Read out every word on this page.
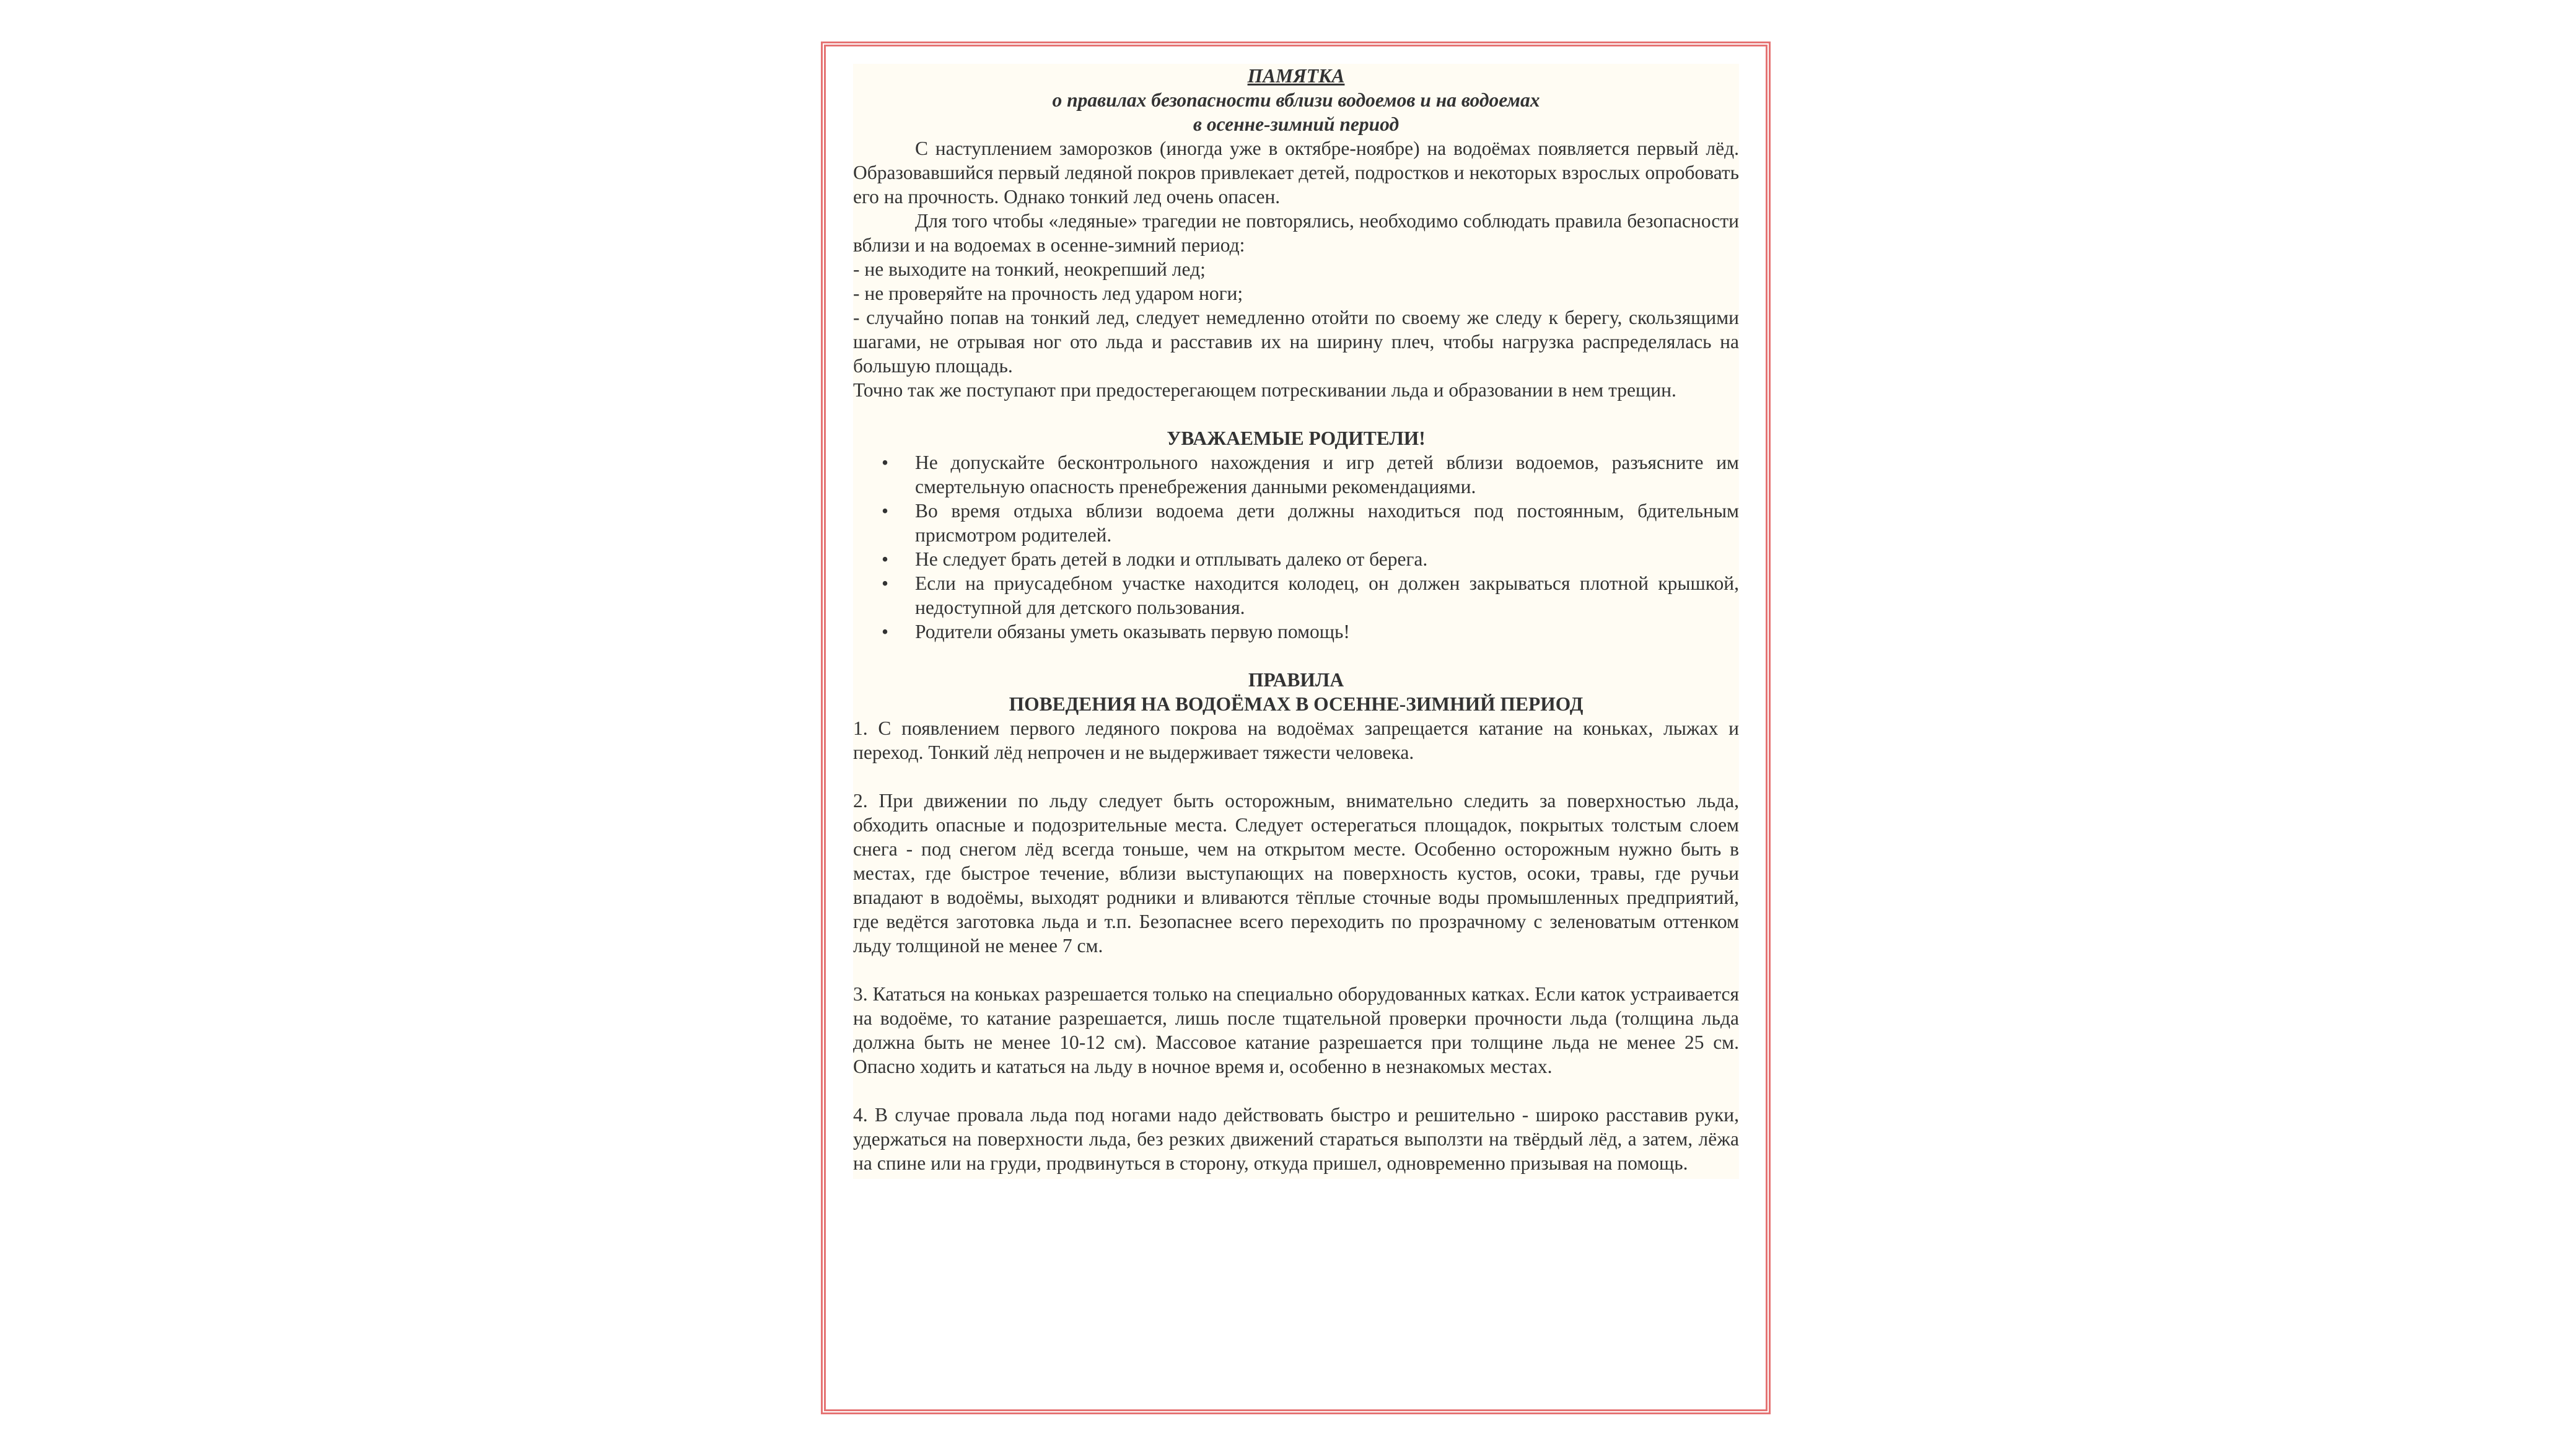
ПАМЯТКА
о правилах безопасности вблизи водоемов и на водоемах
в осенне-зимний период

С наступлением заморозков (иногда уже в октябре-ноябре) на водоёмах появляется первый лёд. Образовавшийся первый ледяной покров привлекает детей, подростков и некоторых взрослых опробовать его на прочность. Однако тонкий лед очень опасен.

Для того чтобы «ледяные» трагедии не повторялись, необходимо соблюдать правила безопасности вблизи и на водоемах в осенне-зимний период:

- не выходите на тонкий, неокрепший лед;

- не проверяйте на прочность лед ударом ноги;

- случайно попав на тонкий лед, следует немедленно отойти по своему же следу к берегу, скользящими шагами, не отрывая ног ото льда и расставив их на ширину плеч, чтобы нагрузка распределялась на большую площадь.

Точно так же поступают при предостерегающем потрескивании льда и образовании в нем трещин.

УВАЖАЕМЫЕ РОДИТЕЛИ!

• Не допускайте бесконтрольного нахождения и игр детей вблизи водоемов, разъясните им смертельную опасность пренебрежения данными рекомендациями.
• Во время отдыха вблизи водоема дети должны находиться под постоянным, бдительным присмотром родителей.
• Не следует брать детей в лодки и отплывать далеко от берега.
• Если на приусадебном участке находится колодец, он должен закрываться плотной крышкой, недоступной для детского пользования.
• Родители обязаны уметь оказывать первую помощь!

ПРАВИЛА

ПОВЕДЕНИЯ НА ВОДОЁМАХ В ОСЕННЕ-ЗИМНИЙ ПЕРИОД

1. С появлением первого ледяного покрова на водоёмах запрещается катание на коньках, лыжах и переход. Тонкий лёд непрочен и не выдерживает тяжести человека.

2. При движении по льду следует быть осторожным, внимательно следить за поверхностью льда, обходить опасные и подозрительные места. Следует остерегаться площадок, покрытых толстым слоем снега - под снегом лёд всегда тоньше, чем на открытом месте. Особенно осторожным нужно быть в местах, где быстрое течение, вблизи выступающих на поверхность кустов, осоки, травы, где ручьи впадают в водоёмы, выходят родники и вливаются тёплые сточные воды промышленных предприятий, где ведётся заготовка льда и т.п. Безопаснее всего переходить по прозрачному с зеленоватым оттенком льду толщиной не менее 7 см.

3. Кататься на коньках разрешается только на специально оборудованных катках. Если каток устраивается на водоёме, то катание разрешается, лишь после тщательной проверки прочности льда (толщина льда должна быть не менее 10-12 см). Массовое катание разрешается при толщине льда не менее 25 см. Опасно ходить и кататься на льду в ночное время и, особенно в незнакомых местах.

4. В случае провала льда под ногами надо действовать быстро и решительно - широко расставив руки, удержаться на поверхности льда, без резких движений стараться выползти на твёрдый лёд, а затем, лёжа на спине или на груди, продвинуться в сторону, откуда пришел, одновременно призывая на помощь.
